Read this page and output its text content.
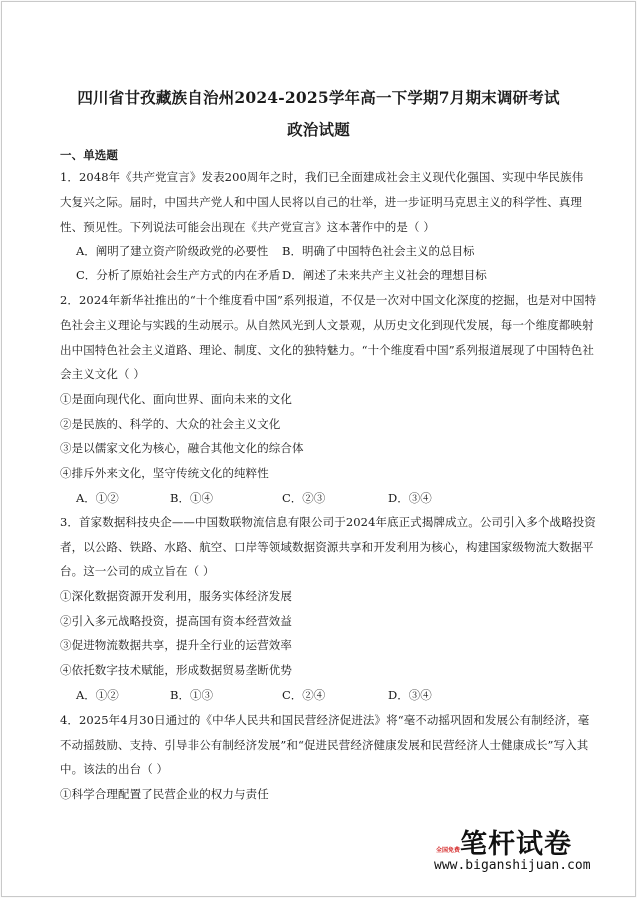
四川省甘孜藏族自治州2024-2025学年高一下学期7月期末调研考试
政治试题
一、单选题
1．2048年《共产党宣言》发表200周年之时，我们已全面建成社会主义现代化强国、实现中华民族伟
大复兴之际。届时，中国共产党人和中国人民将以自己的壮举，进一步证明马克思主义的科学性、真理
性、预见性。下列说法可能会出现在《共产党宣言》这本著作中的是（ ）
A．阐明了建立资产阶级政党的必要性 B．明确了中国特色社会主义的总目标
C．分析了原始社会生产方式的内在矛盾 D．阐述了未来共产主义社会的理想目标
2．2024年新华社推出的“十个维度看中国”系列报道，不仅是一次对中国文化深度的挖掘，也是对中国特
色社会主义理论与实践的生动展示。从自然风光到人文景观，从历史文化到现代发展，每一个维度都映射
出中国特色社会主义道路、理论、制度、文化的独特魅力。“十个维度看中国”系列报道展现了中国特色社
会主义文化（ ）
①是面向现代化、面向世界、面向未来的文化
②是民族的、科学的、大众的社会主义文化
③是以儒家文化为核心，融合其他文化的综合体
④排斥外来文化，坚守传统文化的纯粹性
A．①②	B．①④	C．②③	D．③④
3．首家数据科技央企——中国数联物流信息有限公司于2024年底正式揭牌成立。公司引入多个战略投资
者，以公路、铁路、水路、航空、口岸等领域数据资源共享和开发利用为核心，构建国家级物流大数据平
台。这一公司的成立旨在（ ）
①深化数据资源开发利用，服务实体经济发展
②引入多元战略投资，提高国有资本经营效益
③促进物流数据共享，提升全行业的运营效率
④依托数字技术赋能，形成数据贸易垄断优势
A．①②	B．①③	C．②④	D．③④
4．2025年4月30日通过的《中华人民共和国民营经济促进法》将“毫不动摇巩固和发展公有制经济，毫
不动摇鼓励、支持、引导非公有制经济发展”和“促进民营经济健康发展和民营经济人士健康成长”写入其
中。该法的出台（ ）
①科学合理配置了民营企业的权力与责任
笔杆试卷
全国免费
www.biganshijuan.com
